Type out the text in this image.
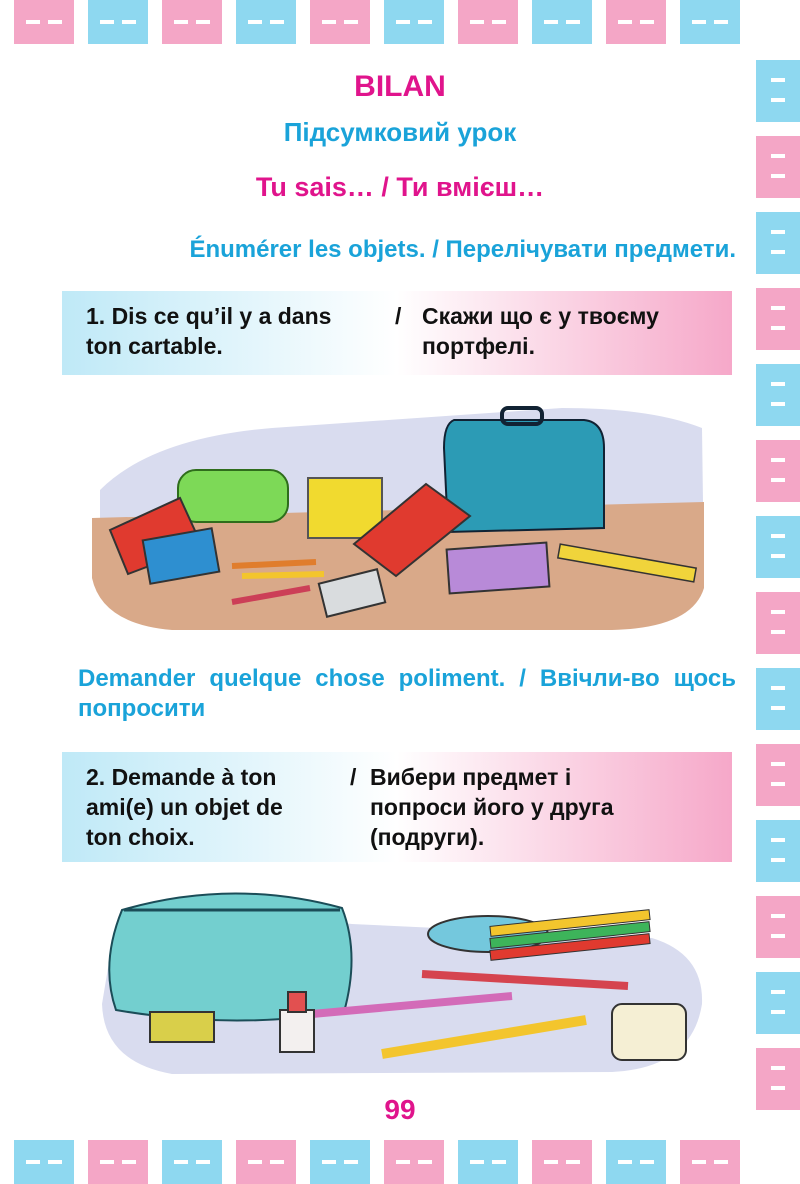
BILAN
Підсумковий урок
Tu sais… / Ти вмієш…
Énumérer les objets. / Перелічувати предмети.
1. Dis ce qu’il y a dans
ton cartable.
/ Скажи що є у твоєму
портфелі.
Demander quelque chose poliment. / Ввічли-во щось попросити
2. Demande à ton
ami(e) un objet de
ton choix.
/ Вибери предмет і
попроси його у друга
(подруги).
99
